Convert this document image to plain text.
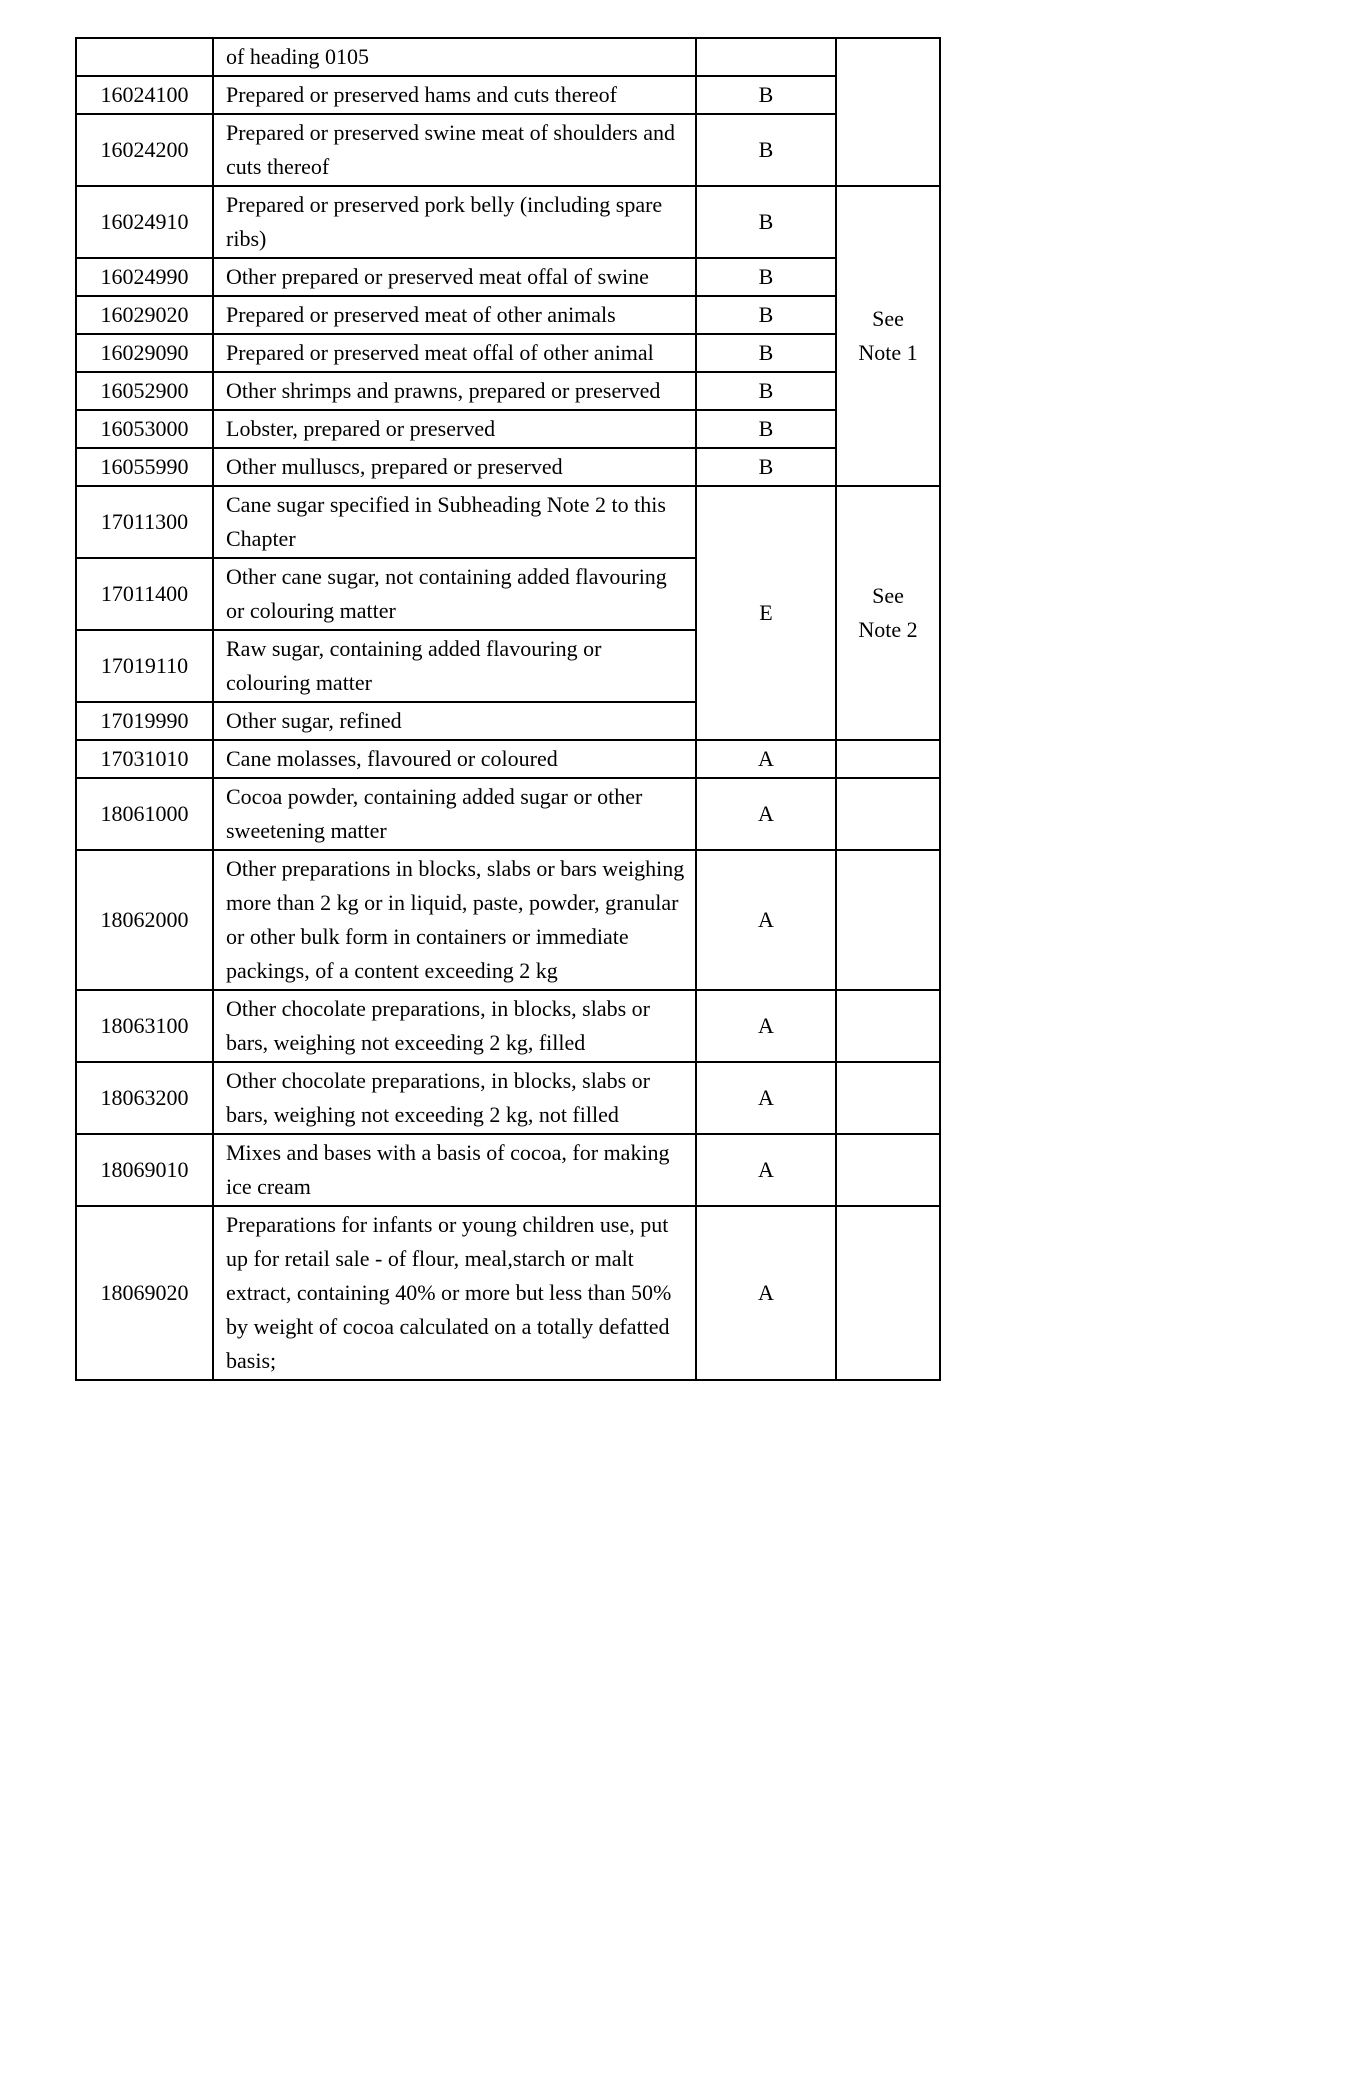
	of heading 0105		
16024100	Prepared or preserved hams and cuts thereof	B	
16024200	Prepared or preserved swine meat of shoulders and cuts thereof	B	
16024910	Prepared or preserved pork belly (including spare ribs)	B	See Note 1
16024990	Other prepared or preserved meat offal of swine	B	
16029020	Prepared or preserved meat of other animals	B	
16029090	Prepared or preserved meat offal of other animal	B	
16052900	Other shrimps and prawns, prepared or preserved	B	
16053000	Lobster, prepared or preserved	B	
16055990	Other mulluscs, prepared or preserved	B	
17011300	Cane sugar specified in Subheading Note 2 to this Chapter	E	See Note 2
17011400	Other cane sugar, not containing added flavouring or colouring matter		
17019110	Raw sugar, containing added flavouring or colouring matter		
17019990	Other sugar, refined		
17031010	Cane molasses, flavoured or coloured	A	
18061000	Cocoa powder, containing added sugar or other sweetening matter	A	
18062000	Other preparations in blocks, slabs or bars weighing more than 2 kg or in liquid, paste, powder, granular or other bulk form in containers or immediate packings, of a content exceeding 2 kg	A	
18063100	Other chocolate preparations, in blocks, slabs or bars, weighing not exceeding 2 kg, filled	A	
18063200	Other chocolate preparations, in blocks, slabs or bars, weighing not exceeding 2 kg, not filled	A	
18069010	Mixes and bases with a basis of cocoa, for making ice cream	A	
18069020	Preparations for infants or young children use, put up for retail sale - of flour, meal,starch or malt extract, containing 40% or more but less than 50% by weight of cocoa calculated on a totally defatted basis;	A	
